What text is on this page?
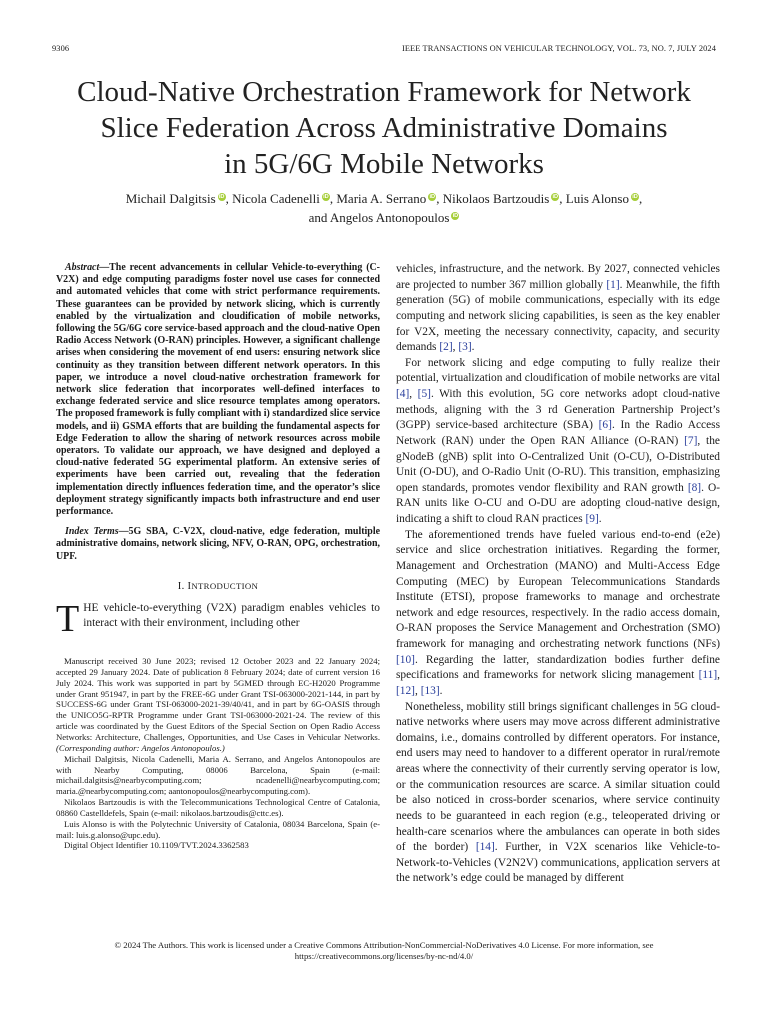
9306	IEEE TRANSACTIONS ON VEHICULAR TECHNOLOGY, VOL. 73, NO. 7, JULY 2024
Cloud-Native Orchestration Framework for Network
Slice Federation Across Administrative Domains
in 5G/6G Mobile Networks
Michail Dalgitsis iD, Nicola Cadenelli iD, Maria A. Serrano iD, Nikolaos Bartzoudis iD, Luis Alonso iD,
and Angelos Antonopoulos iD

Abstract—The recent advancements in cellular Vehicle-to-everything (C-V2X) and edge computing paradigms foster novel use cases for connected and automated vehicles that come with strict performance requirements. These guarantees can be provided by network slicing, which is currently enabled by the virtualization and cloudification of mobile networks, following the 5G/6G core service-based approach and the cloud-native Open Radio Access Network (O-RAN) principles. However, a significant challenge arises when considering the movement of end users: ensuring network slice continuity as they transition between different network operators. In this paper, we introduce a novel cloud-native orchestration framework for network slice federation that incorporates well-defined interfaces to exchange federated service and slice resource templates among operators. The proposed framework is fully compliant with i) standardized slice service models, and ii) GSMA efforts that are building the fundamental aspects for Edge Federation to allow the sharing of network resources across mobile operators. To validate our approach, we have designed and deployed a cloud-native federated 5G experimental platform. An extensive series of experiments have been carried out, revealing that the federation implementation directly influences federation time, and the operator’s slice deployment strategy significantly impacts both infrastructure and end user performance.

Index Terms—5G SBA, C-V2X, cloud-native, edge federation, multiple administrative domains, network slicing, NFV, O-RAN, OPG, orchestration, UPF.

I. INTRODUCTION

THE vehicle-to-everything (V2X) paradigm enables vehicles to interact with their environment, including other

Manuscript received 30 June 2023; revised 12 October 2023 and 22 January 2024; accepted 29 January 2024. Date of publication 8 February 2024; date of current version 16 July 2024. This work was supported in part by 5GMED through EC-H2020 Programme under Grant 951947, in part by the FREE-6G under Grant TSI-063000-2021-144, in part by SUCCESS-6G under Grant TSI-063000-2021-39/40/41, and in part by 6G-OASIS through the UNICO5G-RPTR Programme under Grant TSI-063000-2021-24. The review of this article was coordinated by the Guest Editors of the Special Section on Open Radio Access Networks: Architecture, Challenges, Opportunities, and Use Cases in Vehicular Networks. (Corresponding author: Angelos Antonopoulos.)

Michail Dalgitsis, Nicola Cadenelli, Maria A. Serrano, and Angelos Antonopoulos are with Nearby Computing, 08006 Barcelona, Spain (e-mail: michail.dalgitsis@nearbycomputing.com; ncadenelli@nearbycomputing.com; maria.@nearbycomputing.com; aantonopoulos@nearbycomputing.com).

Nikolaos Bartzoudis is with the Telecommunications Technological Centre of Catalonia, 08860 Castelldefels, Spain (e-mail: nikolaos.bartzoudis@cttc.es).

Luis Alonso is with the Polytechnic University of Catalonia, 08034 Barcelona, Spain (e-mail: luis.g.alonso@upc.edu).

Digital Object Identifier 10.1109/TVT.2024.3362583

vehicles, infrastructure, and the network. By 2027, connected vehicles are projected to number 367 million globally [1]. Meanwhile, the fifth generation (5G) of mobile communications, especially with its edge computing and network slicing capabilities, is seen as the key enabler for V2X, meeting the necessary connectivity, capacity, and security demands [2], [3].

For network slicing and edge computing to fully realize their potential, virtualization and cloudification of mobile networks are vital [4], [5]. With this evolution, 5G core networks adopt cloud-native methods, aligning with the 3 rd Generation Partnership Project’s (3GPP) service-based architecture (SBA) [6]. In the Radio Access Network (RAN) under the Open RAN Alliance (O-RAN) [7], the gNodeB (gNB) split into O-Centralized Unit (O-CU), O-Distributed Unit (O-DU), and O-Radio Unit (O-RU). This transition, emphasizing open standards, promotes vendor flexibility and RAN growth [8]. O-RAN units like O-CU and O-DU are adopting cloud-native design, indicating a shift to cloud RAN practices [9].

The aforementioned trends have fueled various end-to-end (e2e) service and slice orchestration initiatives. Regarding the former, Management and Orchestration (MANO) and Multi-Access Edge Computing (MEC) by European Telecommunications Standards Institute (ETSI), propose frameworks to manage and orchestrate network and edge resources, respectively. In the radio access domain, O-RAN proposes the Service Management and Orchestration (SMO) framework for managing and orchestrating network functions (NFs) [10]. Regarding the latter, standardization bodies further define specifications and frameworks for network slicing management [11], [12], [13].

Nonetheless, mobility still brings significant challenges in 5G cloud-native networks where users may move across different administrative domains, i.e., domains controlled by different operators. For instance, end users may need to handover to a different operator in rural/remote areas where the connectivity of their currently serving operator is low, or the communication resources are scarce. A similar situation could be also noticed in cross-border scenarios, where service continuity needs to be guaranteed in each region (e.g., teleoperated driving or health-care scenarios where the ambulances can operate in both sides of the border) [14]. Further, in V2X scenarios like Vehicle-to-Network-to-Vehicles (V2N2V) communications, application servers at the network’s edge could be managed by different

© 2024 The Authors. This work is licensed under a Creative Commons Attribution-NonCommercial-NoDerivatives 4.0 License. For more information, see
https://creativecommons.org/licenses/by-nc-nd/4.0/
